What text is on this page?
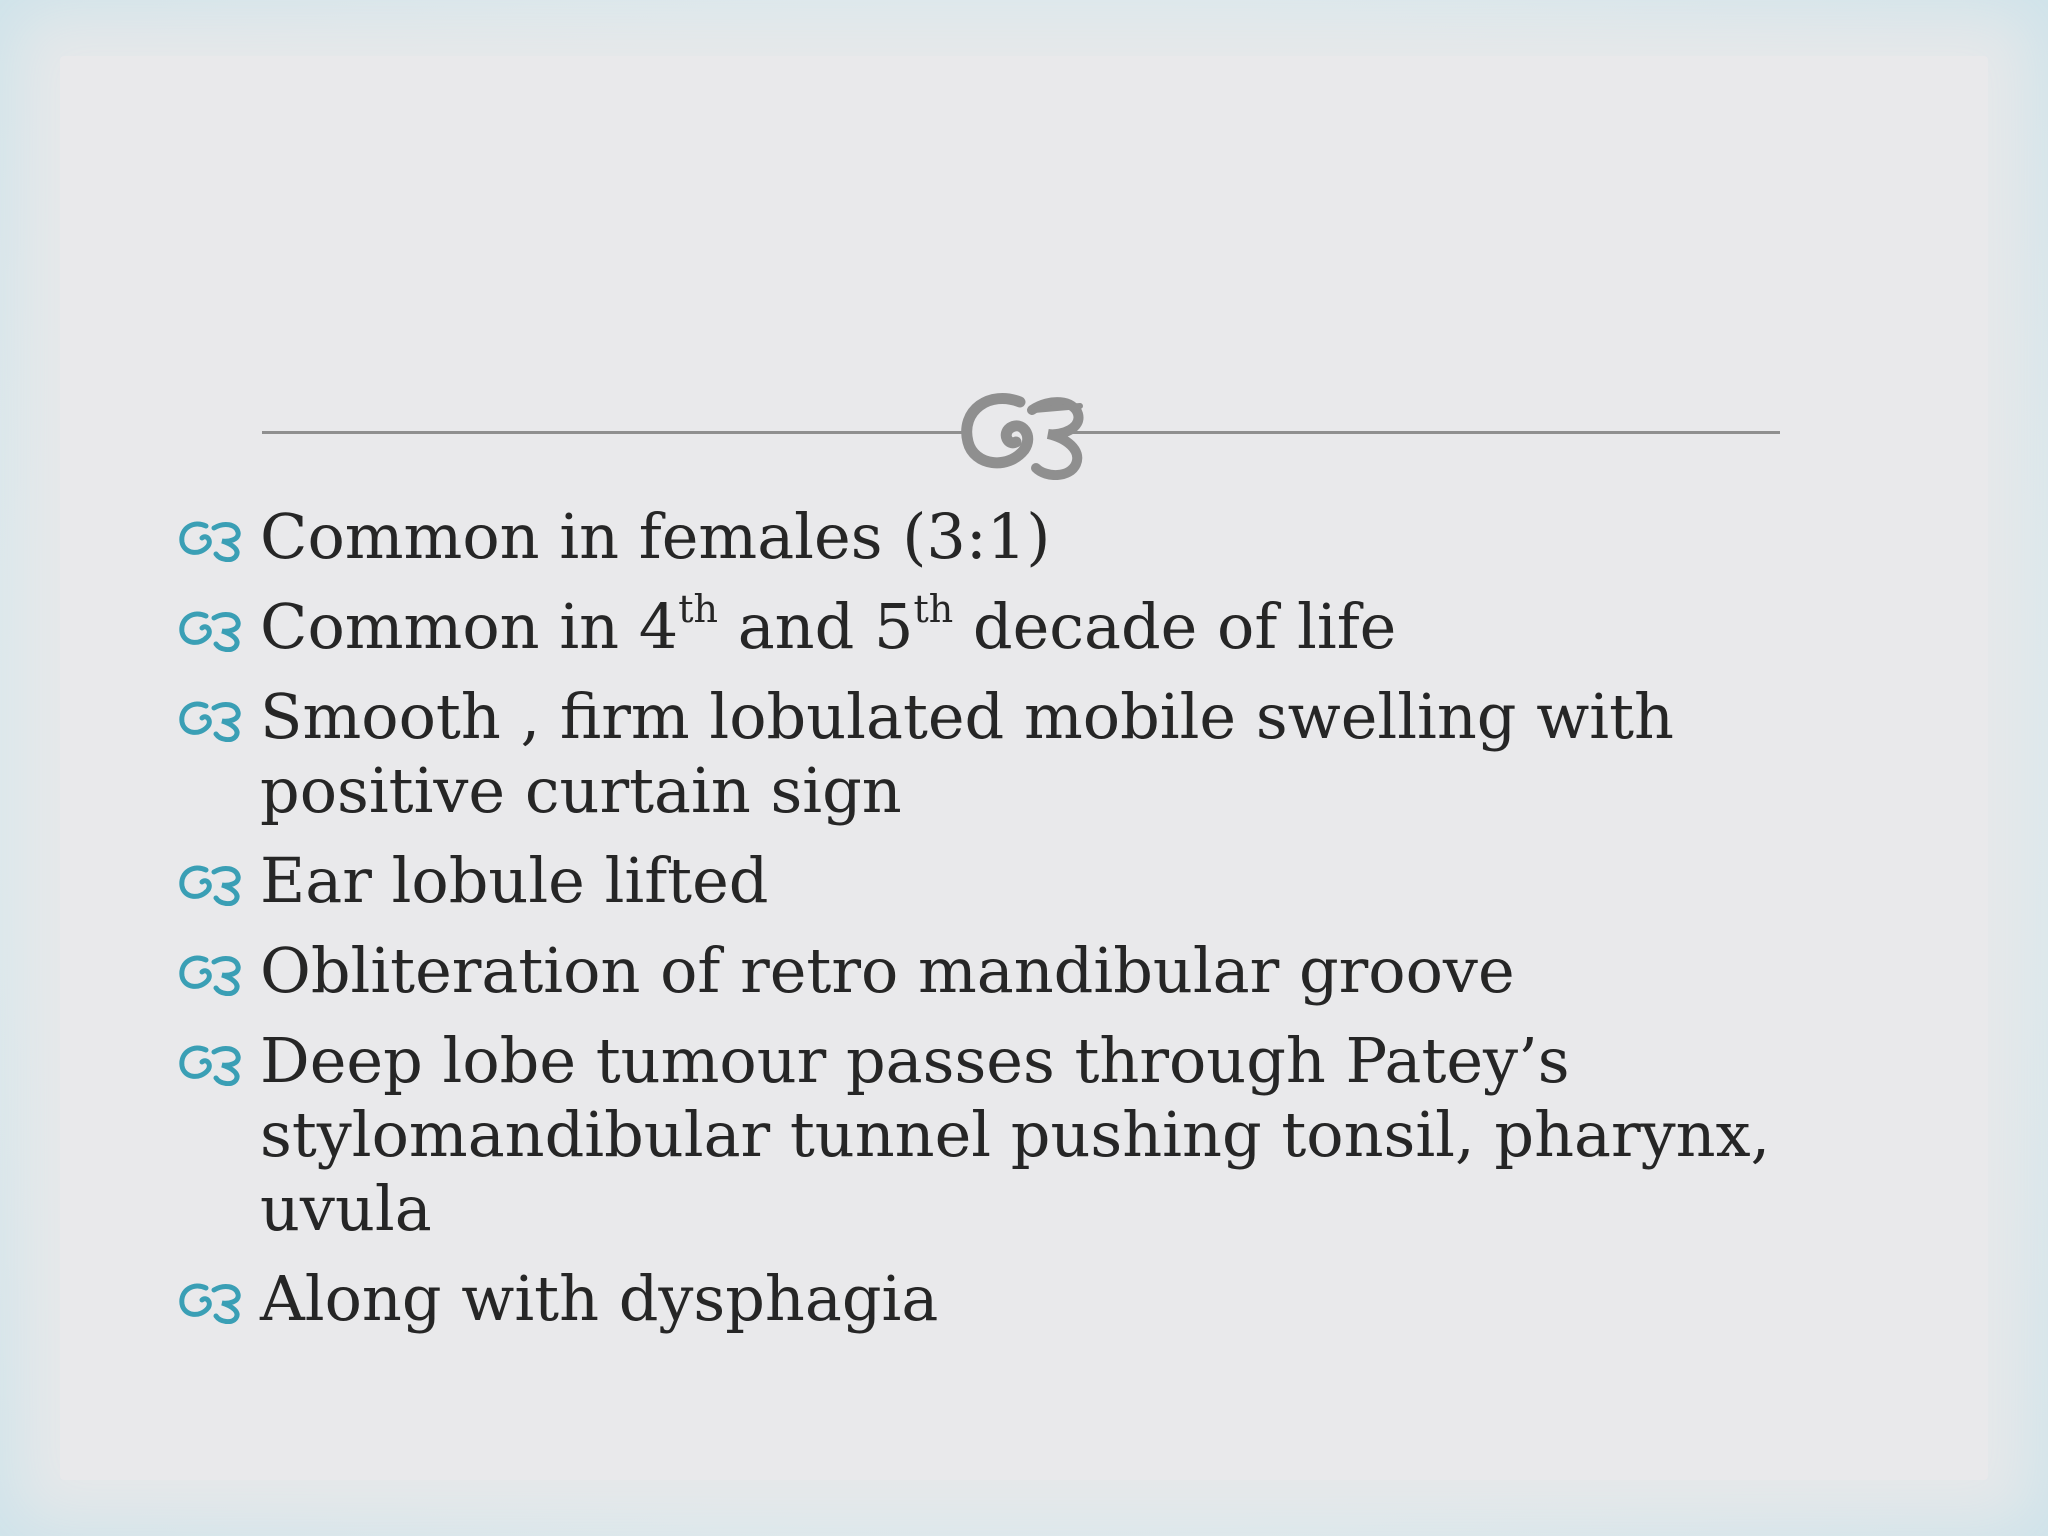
Common in females (3:1)
Common in 4th and 5th decade of life
Smooth , firm lobulated mobile swelling with positive curtain sign
Ear lobule lifted
Obliteration of retro mandibular groove
Deep lobe tumour passes through Patey’s stylomandibular tunnel pushing tonsil, pharynx, uvula
Along with dysphagia
